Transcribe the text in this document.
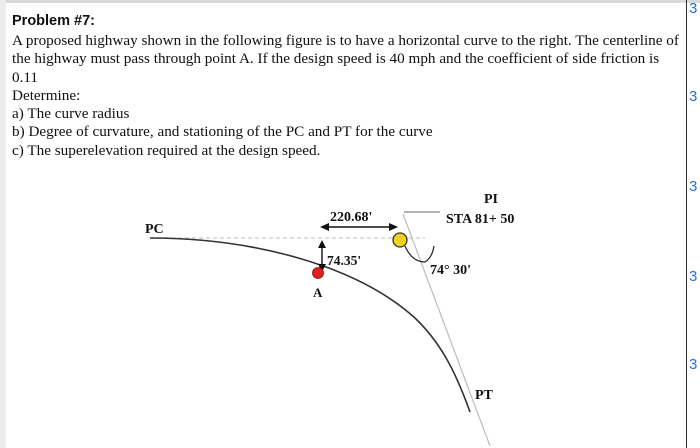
3
3
3
3
3
Problem #7:

A proposed highway shown in the following figure is to have a horizontal curve to the right. The centerline of the highway must pass through point A. If the design speed is 40 mph and the coefficient of side friction is 0.11

Determine:

a) The curve radius

b) Degree of curvature, and stationing of the PC and PT for the curve

c) The superelevation required at the design speed.

PC
PI
STA 81+ 50
220.68'
74.35'
A
74° 30'
PT
